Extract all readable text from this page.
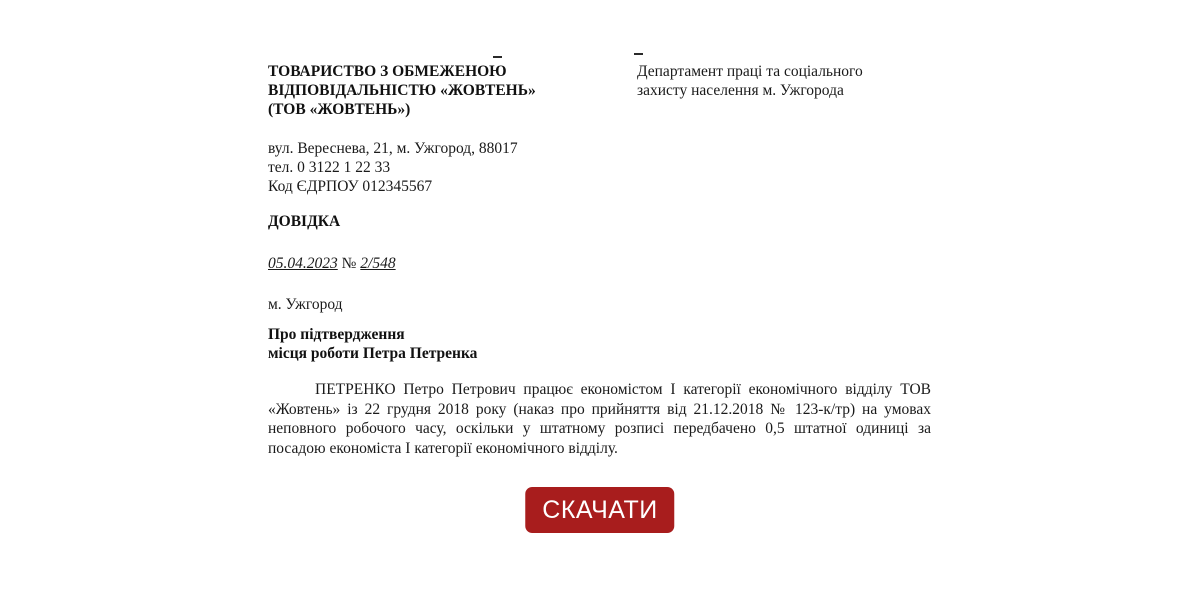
ТОВАРИСТВО З ОБМЕЖЕНОЮ
ВІДПОВІДАЛЬНІСТЮ «ЖОВТЕНЬ»
(ТОВ «ЖОВТЕНЬ»)
Департамент праці та соціального
захисту населення м. Ужгорода
вул. Вереснева, 21, м. Ужгород, 88017
тел. 0 3122 1 22 33
Код ЄДРПОУ 012345567
ДОВІДКА
05.04.2023 № 2/548
м. Ужгород
Про підтвердження
місця роботи Петра Петренка

ПЕТРЕНКО Петро Петрович працює економістом І категорії економічного відділу ТОВ «Жовтень» із 22 грудня 2018 року (наказ про прийняття від 21.12.2018 № 123-к/тр) на умовах неповного робочого часу, оскільки у штатному розписі передбачено 0,5 штатної одиниці за посадою економіста І категорії економічного відділу.

СКАЧАТИ
